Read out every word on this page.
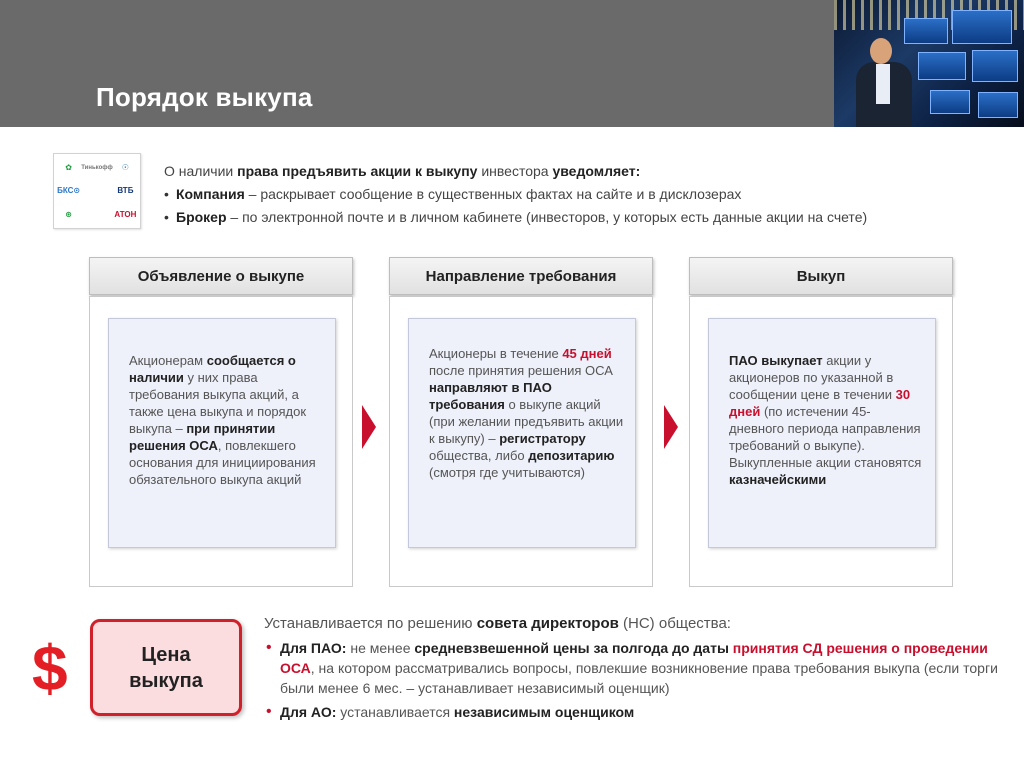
Порядок выкупа
✿ Тинькофф ☉
БКС⊙	ВТБ
⊛	АТОН
О наличии права предъявить акции к выкупу инвестора уведомляет:
• Компания – раскрывает сообщение в существенных фактах на сайте и в дисклозерах
• Брокер – по электронной почте и в личном кабинете (инвесторов, у которых есть данные акции на счете)
Объявление о выкупе
Акционерам сообщается о наличии у них права требования выкупа акций, а также цена выкупа и порядок выкупа – при принятии решения ОСА, повлекшего основания для инициирования обязательного выкупа акций
Направление требования
Акционеры в течение 45 дней после принятия решения ОСА направляют в ПАО требования о выкупе акций (при желании предъявить акции к выкупу) – регистратору общества, либо депозитарию (смотря где учитываются)
Выкуп
ПАО выкупает акции у акционеров по указанной в сообщении цене в течении 30 дней (по истечении 45-дневного периода направления требований о выкупе). Выкупленные акции становятся казначейскими
$	Цена
выкупа
Устанавливается по решению совета директоров (НС) общества:
• Для ПАО: не менее средневзвешенной цены за полгода до даты принятия СД решения о проведении ОСА, на котором рассматривались вопросы, повлекшие возникновение права требования выкупа (если торги были менее 6 мес. – устанавливает независимый оценщик)
• Для АО: устанавливается независимым оценщиком
